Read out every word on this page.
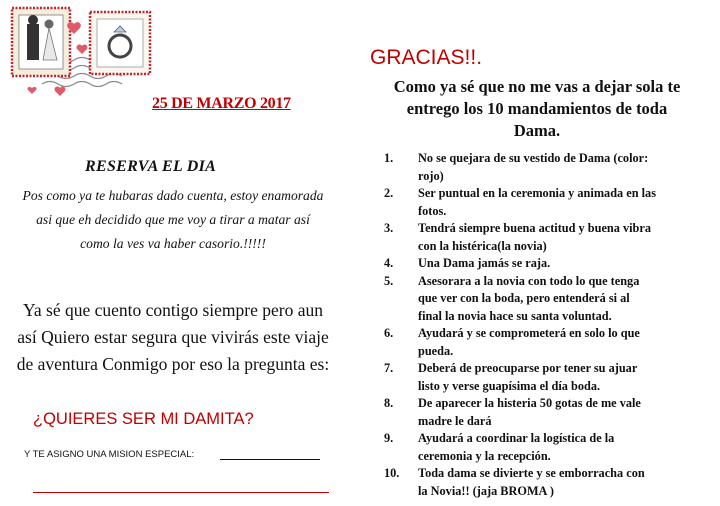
25 DE MARZO 2017
RESERVA EL DIA
Pos como ya te hubaras dado cuenta, estoy enamorada
asi que eh decidido que me voy a tirar a matar así
como la ves va haber casorio.!!!!!
Ya sé que cuento contigo siempre pero aun
así Quiero estar segura que vivirás este viaje
de aventura Conmigo por eso la pregunta es:
¿QUIERES SER MI DAMITA?
Y TE ASIGNO UNA MISION ESPECIAL:
GRACIAS!!.
Como ya sé que no me vas a dejar sola te
entrego los 10 mandamientos de toda
Dama.
1. No se quejara de su vestido de Dama (color:
rojo)
2. Ser puntual en la ceremonia y animada en las
fotos.
3. Tendrá siempre buena actitud y buena vibra
con la histérica(la novia)
4. Una Dama jamás se raja.
5. Asesorara a la novia con todo lo que tenga
que ver con la boda, pero entenderá si al
final la novia hace su santa voluntad.
6. Ayudará y se comprometerá en solo lo que
pueda.
7. Deberá de preocuparse por tener su ajuar
listo y verse guapísima el día boda.
8. De aparecer la histeria 50 gotas de me vale
madre le dará
9. Ayudará a coordinar la logística de la
ceremonia y la recepción.
10. Toda dama se divierte y se emborracha con
la Novia!! (jaja BROMA )
